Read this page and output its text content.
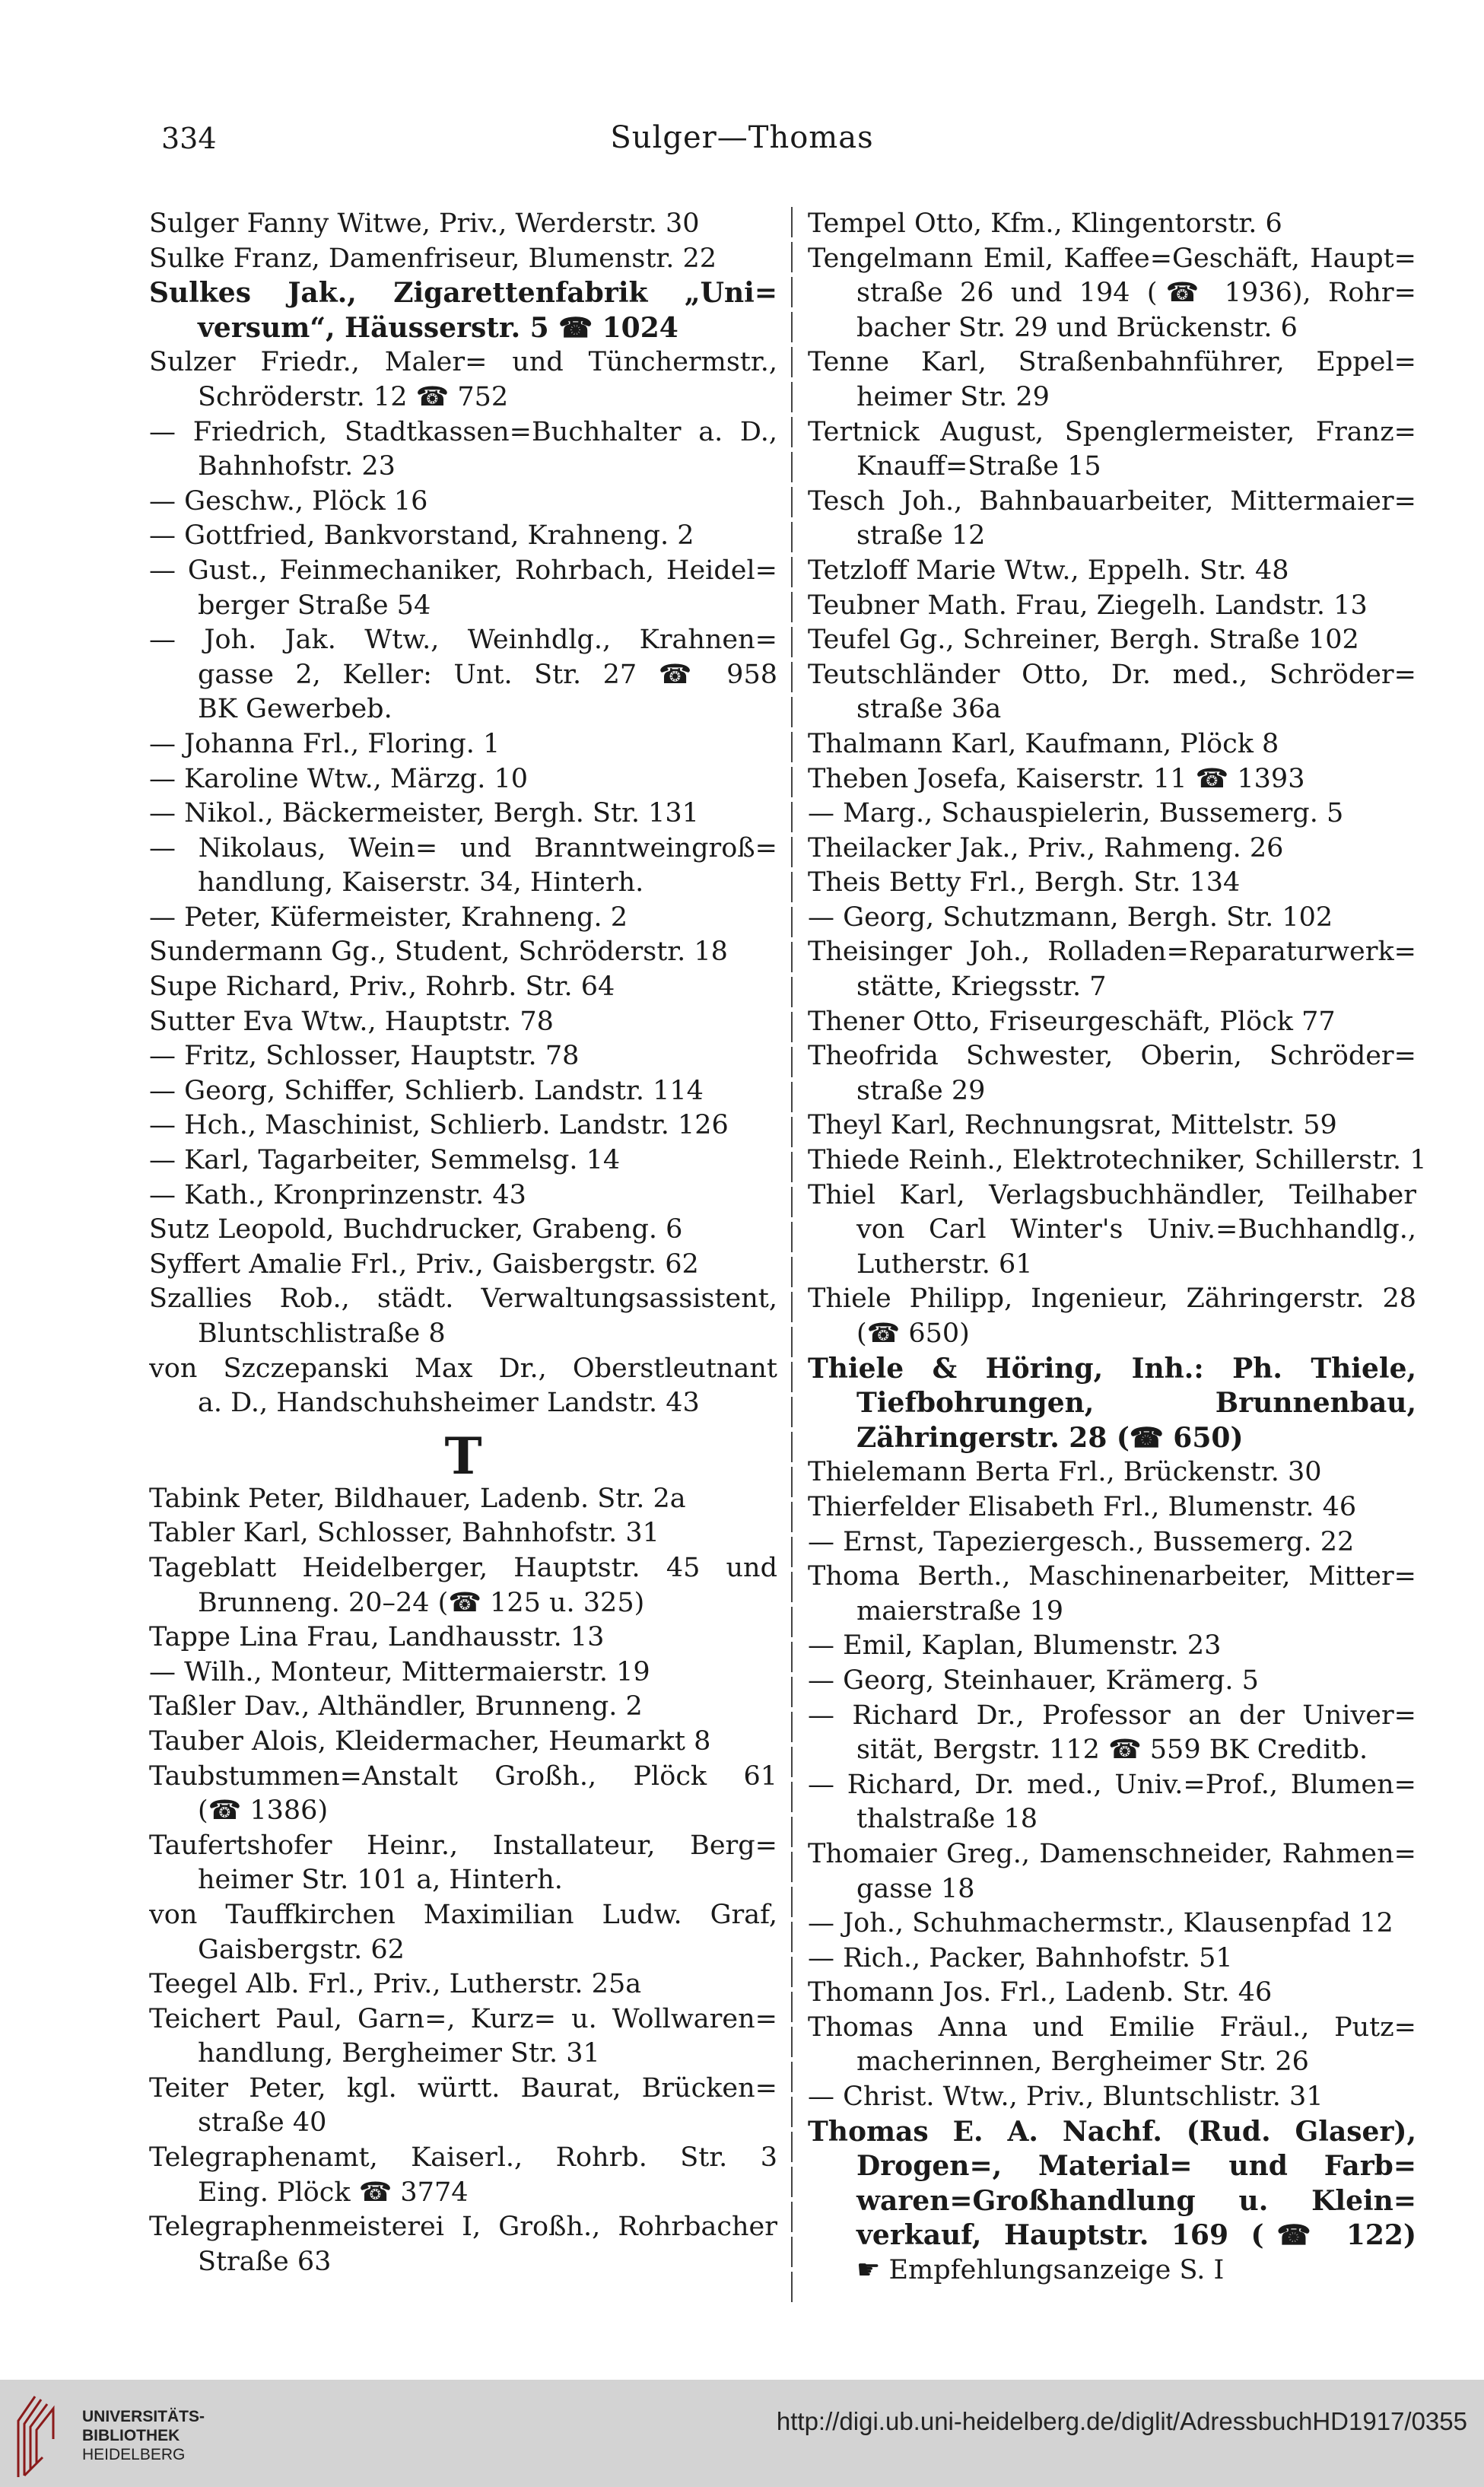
334	Sulger—Thomas
Sulger Fanny Witwe, Priv., Werderstr. 30
Sulke Franz, Damenfriseur, Blumenstr. 22
Sulkes Jak., Zigarettenfabrik „Uni=
versum“, Häusserstr. 5 ☎ 1024
Sulzer Friedr., Maler= und Tünchermstr.,
Schröderstr. 12 ☎ 752
— Friedrich, Stadtkassen=Buchhalter a. D.,
Bahnhofstr. 23
— Geschw., Plöck 16
— Gottfried, Bankvorstand, Krahneng. 2
— Gust., Feinmechaniker, Rohrbach, Heidel=
berger Straße 54
— Joh. Jak. Wtw., Weinhdlg., Krahnen=
gasse 2, Keller: Unt. Str. 27 ☎ 958
BK Gewerbeb.
— Johanna Frl., Floring. 1
— Karoline Wtw., Märzg. 10
— Nikol., Bäckermeister, Bergh. Str. 131
— Nikolaus, Wein= und Branntweingroß=
handlung, Kaiserstr. 34, Hinterh.
— Peter, Küfermeister, Krahneng. 2
Sundermann Gg., Student, Schröderstr. 18
Supe Richard, Priv., Rohrb. Str. 64
Sutter Eva Wtw., Hauptstr. 78
— Fritz, Schlosser, Hauptstr. 78
— Georg, Schiffer, Schlierb. Landstr. 114
— Hch., Maschinist, Schlierb. Landstr. 126
— Karl, Tagarbeiter, Semmelsg. 14
— Kath., Kronprinzenstr. 43
Sutz Leopold, Buchdrucker, Grabeng. 6
Syffert Amalie Frl., Priv., Gaisbergstr. 62
Szallies Rob., städt. Verwaltungsassistent,
Bluntschlistraße 8
von Szczepanski Max Dr., Oberstleutnant
a. D., Handschuhsheimer Landstr. 43
T
Tabink Peter, Bildhauer, Ladenb. Str. 2a
Tabler Karl, Schlosser, Bahnhofstr. 31
Tageblatt Heidelberger, Hauptstr. 45 und
Brunneng. 20–24 (☎ 125 u. 325)
Tappe Lina Frau, Landhausstr. 13
— Wilh., Monteur, Mittermaierstr. 19
Taßler Dav., Althändler, Brunneng. 2
Tauber Alois, Kleidermacher, Heumarkt 8
Taubstummen=Anstalt Großh., Plöck 61
(☎ 1386)
Taufertshofer Heinr., Installateur, Berg=
heimer Str. 101 a, Hinterh.
von Tauffkirchen Maximilian Ludw. Graf,
Gaisbergstr. 62
Teegel Alb. Frl., Priv., Lutherstr. 25a
Teichert Paul, Garn=, Kurz= u. Wollwaren=
handlung, Bergheimer Str. 31
Teiter Peter, kgl. württ. Baurat, Brücken=
straße 40
Telegraphenamt, Kaiserl., Rohrb. Str. 3
Eing. Plöck ☎ 3774
Telegraphenmeisterei I, Großh., Rohrbacher
Straße 63
Tempel Otto, Kfm., Klingentorstr. 6
Tengelmann Emil, Kaffee=Geschäft, Haupt=
straße 26 und 194 (☎ 1936), Rohr=
bacher Str. 29 und Brückenstr. 6
Tenne Karl, Straßenbahnführer, Eppel=
heimer Str. 29
Tertnick August, Spenglermeister, Franz=
Knauff=Straße 15
Tesch Joh., Bahnbauarbeiter, Mittermaier=
straße 12
Tetzloff Marie Wtw., Eppelh. Str. 48
Teubner Math. Frau, Ziegelh. Landstr. 13
Teufel Gg., Schreiner, Bergh. Straße 102
Teutschländer Otto, Dr. med., Schröder=
straße 36a
Thalmann Karl, Kaufmann, Plöck 8
Theben Josefa, Kaiserstr. 11 ☎ 1393
— Marg., Schauspielerin, Bussemerg. 5
Theilacker Jak., Priv., Rahmeng. 26
Theis Betty Frl., Bergh. Str. 134
— Georg, Schutzmann, Bergh. Str. 102
Theisinger Joh., Rolladen=Reparaturwerk=
stätte, Kriegsstr. 7
Thener Otto, Friseurgeschäft, Plöck 77
Theofrida Schwester, Oberin, Schröder=
straße 29
Theyl Karl, Rechnungsrat, Mittelstr. 59
Thiede Reinh., Elektrotechniker, Schillerstr. 1
Thiel Karl, Verlagsbuchhändler, Teilhaber
von Carl Winter's Univ.=Buchhandlg.,
Lutherstr. 61
Thiele Philipp, Ingenieur, Zähringerstr. 28
(☎ 650)
Thiele & Höring, Inh.: Ph. Thiele,
Tiefbohrungen, Brunnenbau,
Zähringerstr. 28 (☎ 650)
Thielemann Berta Frl., Brückenstr. 30
Thierfelder Elisabeth Frl., Blumenstr. 46
— Ernst, Tapeziergesch., Bussemerg. 22
Thoma Berth., Maschinenarbeiter, Mitter=
maierstraße 19
— Emil, Kaplan, Blumenstr. 23
— Georg, Steinhauer, Krämerg. 5
— Richard Dr., Professor an der Univer=
sität, Bergstr. 112 ☎ 559 BK Creditb.
— Richard, Dr. med., Univ.=Prof., Blumen=
thalstraße 18
Thomaier Greg., Damenschneider, Rahmen=
gasse 18
— Joh., Schuhmachermstr., Klausenpfad 12
— Rich., Packer, Bahnhofstr. 51
Thomann Jos. Frl., Ladenb. Str. 46
Thomas Anna und Emilie Fräul., Putz=
macherinnen, Bergheimer Str. 26
— Christ. Wtw., Priv., Bluntschlistr. 31
Thomas E. A. Nachf. (Rud. Glaser),
Drogen=, Material= und Farb=
waren=Großhandlung u. Klein=
verkauf, Hauptstr. 169 (☎ 122)
☛ Empfehlungsanzeige S. I
UNIVERSITÄTS-
BIBLIOTHEK
HEIDELBERG
http://digi.ub.uni-heidelberg.de/diglit/AdressbuchHD1917/0355
